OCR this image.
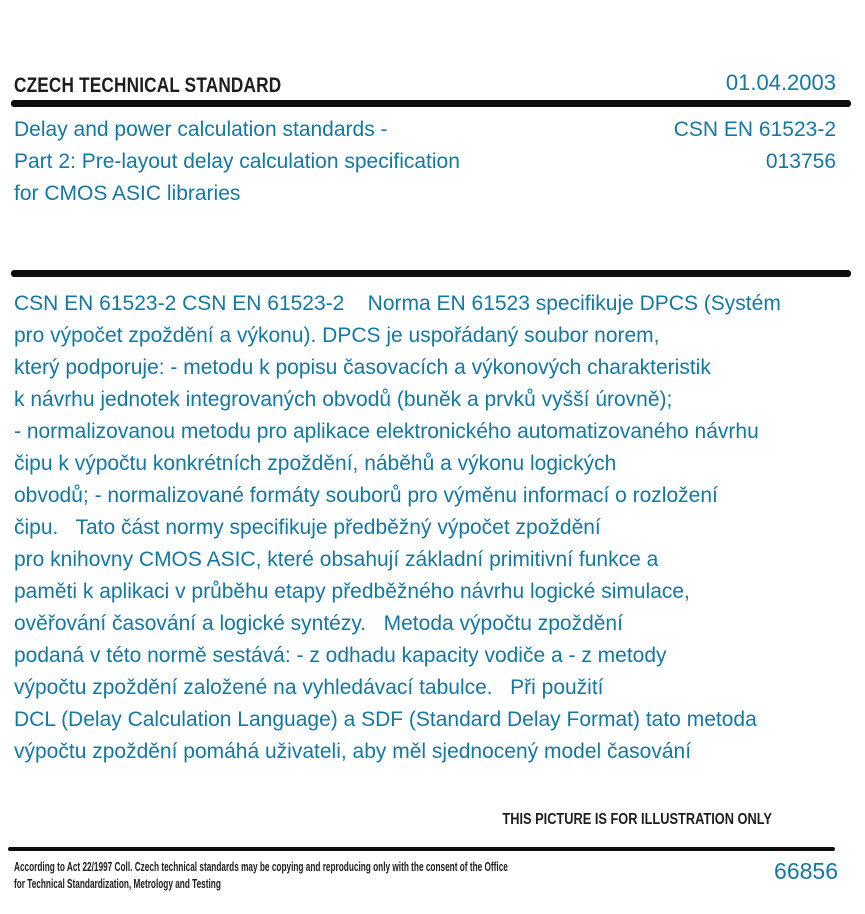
CZECH TECHNICAL STANDARD	01.04.2003
Delay and power calculation standards -
Part 2: Pre-layout delay calculation specification
for CMOS ASIC libraries
CSN EN 61523-2
013756
CSN EN 61523-2 CSN EN 61523-2    Norma EN 61523 specifikuje DPCS (Systém
pro výpočet zpoždění a výkonu). DPCS je uspořádaný soubor norem,
který podporuje: - metodu k popisu časovacích a výkonových charakteristik
k návrhu jednotek integrovaných obvodů (buněk a prvků vyšší úrovně);
- normalizovanou metodu pro aplikace elektronického automatizovaného návrhu
čipu k výpočtu konkrétních zpoždění, náběhů a výkonu logických
obvodů; - normalizované formáty souborů pro výměnu informací o rozložení
čipu.   Tato část normy specifikuje předběžný výpočet zpoždění
pro knihovny CMOS ASIC, které obsahují základní primitivní funkce a
paměti k aplikaci v průběhu etapy předběžného návrhu logické simulace,
ověřování časování a logické syntézy.   Metoda výpočtu zpoždění
podaná v této normě sestává: - z odhadu kapacity vodiče a - z metody
výpočtu zpoždění založené na vyhledávací tabulce.   Při použití
DCL (Delay Calculation Language) a SDF (Standard Delay Format) tato metoda
výpočtu zpoždění pomáhá uživateli, aby měl sjednocený model časování
THIS PICTURE IS FOR ILLUSTRATION ONLY
According to Act 22/1997 Coll. Czech technical standards may be copying and reproducing only with the consent of the Office
for Technical Standardization, Metrology and Testing	66856
